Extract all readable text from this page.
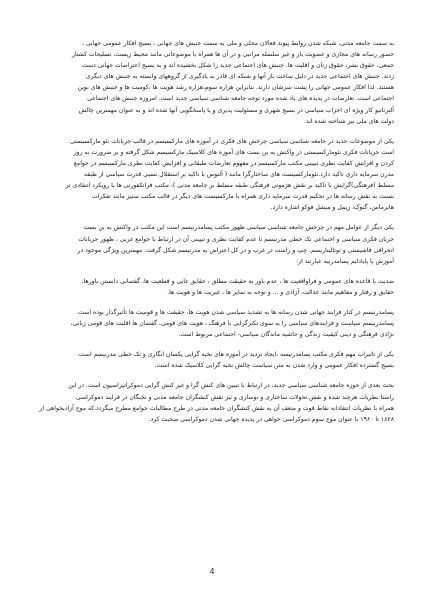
به سمت جامعه مدنی، شبکه شدن روابط پیوند فعالان محلی و ملی به سمت جنبش های جهانی ، بسیج افکار عمومی جهانی ،
حضور رسانه های مجازی و عضویت باز و غیر سلسله مراتبی و در آن ها همراه با موضوعاتی مانند محیط زیست، تسلیحات کشتار
جمعی، حقوق بشر، حقوق زنان و اقلیت ها. جنبش های اجتماعی جدید را شکل بخشیده اند و به بسیج اعتراضات جهانی دست
زدند. جنبش های اجتماعی جدید در دلیل ساخت باز آنها و شبکه ای قادر به یادگیری از گروههای وابسته به جنبش های دیگری
هستند. لذا افکار عمومی جهانی را پشت سرشان دارند. بنابراین هزاره سوم،هزاره رشد هویت ها ،کومیت ها و جنبش های نوین
اجتماعی است. تعارضات در پدیده های یاد شده مورد توجه جامعه شناسی سیاسی جدید است. امروزه جنبش های اجتماعی
آلترناتیو کار ویژه ای احزاب سیاسی در بسیج شهری و مسئولیت پذیری و یا پاسخگویی آنها شده اند و به عنوان مهمترین چالش
دولت های ملی نیز شناخته شده اند.

یکی از موضوعات جدید در جامعه شناسی سیاسی چرخش های فکری در آموزه های مارکسیسم در قالب جریانات نئو مارکسیستی
است جریانات فکری نئومارکسیستی در واکنش به بن بست های آموزه های کلاسیک مارکسیسم شکل گرفته و بر ضرورت به روز
کردن و افزایش کفایت نظری تبیینی مکتب مارکسیسم در مفهوم تعارضات طبقاتی و افزایش کفایت نظری مارکسیسم در جوامع
مدرن سرمایه داری تاکید دارد.نئومارکسیست های ساختارگرا مانند ( آلتوس با تاکید بر استقلال نسبی قدرت سیاسی از طبقه
مسلط (فرهنگی)گرایش با تاکید بر نقش هژمونی فرهنگی طبقه مسلط بر جامعه مدنی )، مکتب فرانکفورتی ها با رویکرد انتقادی تر
نسبت به نقش رسانه ها در تحکیم قدرت سرمایه داری همراه با مارکسیست های دیگر در قالب مکتب ستیز مانند تفکرات
هابرماس، گنوک، زیمل و میشل فوکو اشاره دارد.

یکی دیگر از عوامل مهم در چرخش جامعه شناسی سیاسی ظهور مکتب پسامدرنیسم است این مکتب در واکنش به بن بست
جریان فکری سیاسی و اجتماعی تک خطی مدرنیسم تا عدم کفایت نظری و تبیینی آن در ارتباط با جوامع غربی ، ظهور جریانات
انحرافی فاشیستی و توتالیتاریسم، چپ و راست در غرب و در کل اعتراض به مدرنیسم شکل گرفت. مهمترین ویژگی موجود در
آموزش پا پایادایم پسامدرنیه عبارتند از:

ضدیت با قاعده های عمومی و فراواقعیت ها ، عدم باور به حقیقت مطلق ، حقایق غایی و قطعیت ها، گفتمانی دانستن باورها،
حقایق و رفتار و مفاهیم مانند عدالت، آزادی و ... و توجه به تمایز ها ، غیریت ها و هویت ها.

پسامدرنیسم در کنار فرایند جهانی شدن رسانه ها به تشدید سیاسی شدن هویت ها، حقیقت ها و قومیت ها تأثیرگذار بوده است.
پسامدرنیسم سیاست و فرایندهای سیاسی را به سوی تکثرگرایی با فرهنگ ، هویت های قومی، گفتمان ها اقلیت های قومی زبانی،
نژادی فرهنگی و دینی کیفیت زندگی و حاشیه ماندگان سیاسی- اجتماعی مربوط است.

یکی از تاثیرات مهم فکری مکتب پسامدرنیسه ،ایجاد تردید در آموزه های نخبه گرایی یکسان انگاری و تک خطی مدرنیسم است.
بسیج گسترده افکار عمومی و وارد شدن به متن سیاست چالش نخبه گرایی کلاسیک شده است.

بحث بعدی از حوزه جامعه شناسی سیاسی جدید، در ارتباط با تبیین های کنش گرا و غیر کنش گرایی دموکراتیزاسیون است. در این
راستا نظریات هرچند شده و نقش تحولات ساختاری و نوسازی و نیز نقش کنشگران جامعه مدنی و نخبگان در فرایند دموکراسی
همراه با نظریات انتقادانه نقاط قوت و ضعف آن به نقش کنشگران جامعه مدنی در طرح مطالبات جوامع مطرح میگردد.که موج آزادیخواهی از
۱۸۲۸ تا ۱۹۶۰ با عنوان موج سوم دموکراسی خواهی در پدیده جهانی شدن دموکراسی صحبت کرد.

4
